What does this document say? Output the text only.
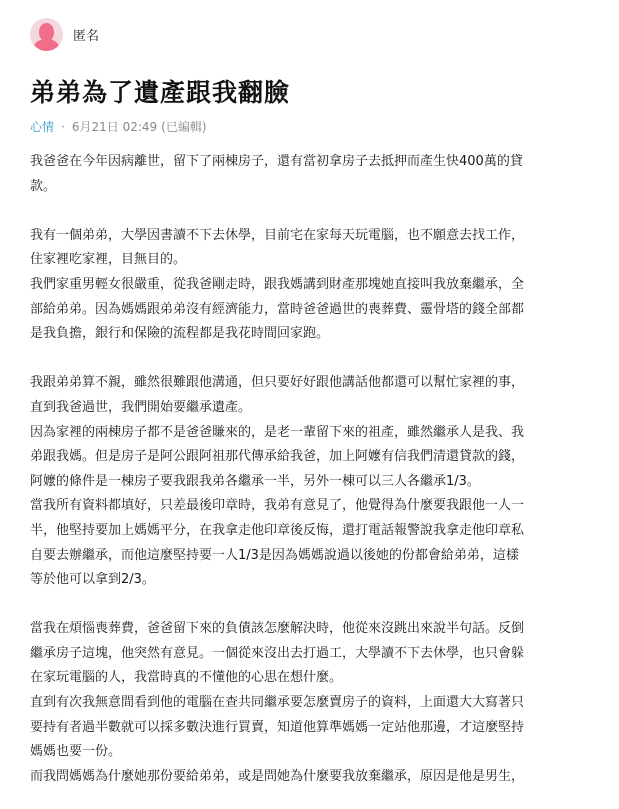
匿名
弟弟為了遺產跟我翻臉
心情 · 6月21日 02:49 (已編輯)
我爸爸在今年因病離世，留下了兩棟房子，還有當初拿房子去抵押而產生快400萬的貸
款。
我有一個弟弟，大學因書讀不下去休學，目前宅在家每天玩電腦，也不願意去找工作，
住家裡吃家裡，目無目的。
我們家重男輕女很嚴重，從我爸剛走時，跟我媽講到財產那塊她直接叫我放棄繼承，全
部給弟弟。因為媽媽跟弟弟沒有經濟能力，當時爸爸過世的喪葬費、靈骨塔的錢全部都
是我負擔，銀行和保險的流程都是我花時間回家跑。
我跟弟弟算不親，雖然很難跟他溝通，但只要好好跟他講話他都還可以幫忙家裡的事，
直到我爸過世，我們開始要繼承遺產。
因為家裡的兩棟房子都不是爸爸賺來的，是老一輩留下來的祖產，雖然繼承人是我、我
弟跟我媽。但是房子是阿公跟阿祖那代傳承給我爸，加上阿嬤有信我們清還貸款的錢，
阿嬤的條件是一棟房子要我跟我弟各繼承一半，另外一棟可以三人各繼承1/3。
當我所有資料都填好，只差最後印章時，我弟有意見了，他覺得為什麼要我跟他一人一
半，他堅持要加上媽媽平分，在我拿走他印章後反悔，還打電話報警說我拿走他印章私
自要去辦繼承，而他這麼堅持要一人1/3是因為媽媽說過以後她的份都會給弟弟，這樣
等於他可以拿到2/3。
當我在煩惱喪葬費，爸爸留下來的負債該怎麼解決時，他從來沒跳出來說半句話。反倒
繼承房子這塊，他突然有意見。一個從來沒出去打過工，大學讀不下去休學，也只會躲
在家玩電腦的人，我當時真的不懂他的心思在想什麼。
直到有次我無意間看到他的電腦在查共同繼承要怎麼賣房子的資料，上面還大大寫著只
要持有者過半數就可以採多數決進行買賣，知道他算準媽媽一定站他那邊，才這麼堅持
媽媽也要一份。
而我問媽媽為什麼她那份要給弟弟，或是問她為什麼要我放棄繼承，原因是他是男生，
